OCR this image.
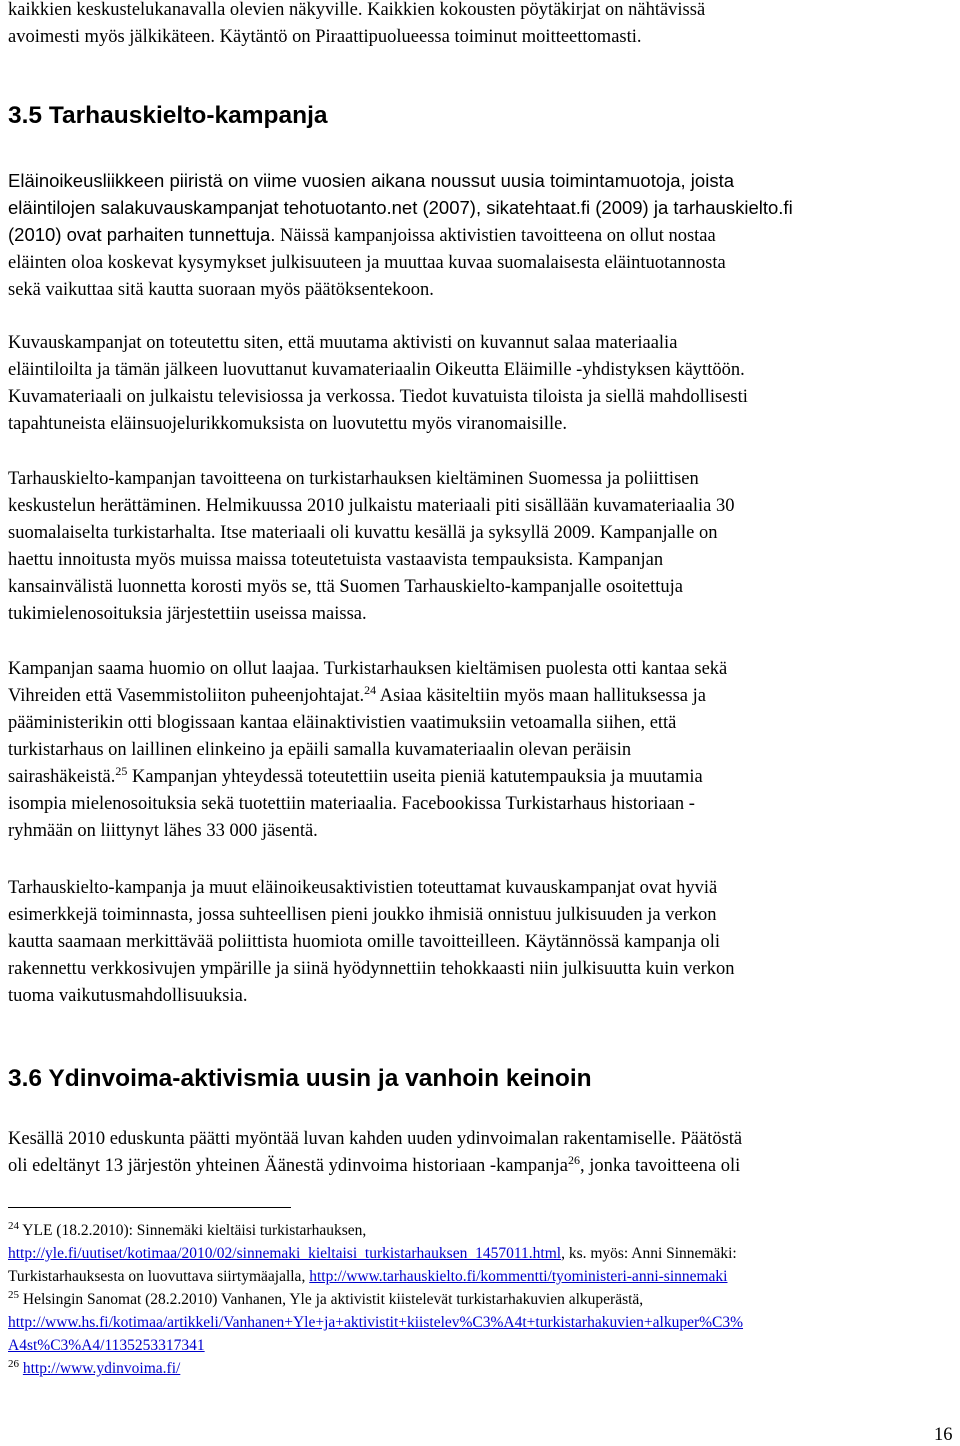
kaikkien keskustelukanavalla olevien näkyville. Kaikkien kokousten pöytäkirjat on nähtävissä
avoimesti myös jälkikäteen. Käytäntö on Piraattipuolueessa toiminut moitteettomasti.
3.5 Tarhauskielto-kampanja
Eläinoikeusliikkeen piiristä on viime vuosien aikana noussut uusia toimintamuotoja, joista
eläintilojen salakuvauskampanjat tehotuotanto.net (2007), sikatehtaat.fi (2009) ja tarhauskielto.fi
(2010) ovat parhaiten tunnettuja. Näissä kampanjoissa aktivistien tavoitteena on ollut nostaa
eläinten oloa koskevat kysymykset julkisuuteen ja muuttaa kuvaa suomalaisesta eläintuotannosta
sekä vaikuttaa sitä kautta suoraan myös päätöksentekoon.
Kuvauskampanjat on toteutettu siten, että muutama aktivisti on kuvannut salaa materiaalia
eläintiloilta ja tämän jälkeen luovuttanut kuvamateriaalin Oikeutta Eläimille -yhdistyksen käyttöön.
Kuvamateriaali on julkaistu televisiossa ja verkossa. Tiedot kuvatuista tiloista ja siellä mahdollisesti
tapahtuneista eläinsuojelurikkomuksista on luovutettu myös viranomaisille.
Tarhauskielto-kampanjan tavoitteena on turkistarhauksen kieltäminen Suomessa ja poliittisen
keskustelun herättäminen. Helmikuussa 2010 julkaistu materiaali piti sisällään kuvamateriaalia 30
suomalaiselta turkistarhalta. Itse materiaali oli kuvattu kesällä ja syksyllä 2009. Kampanjalle on
haettu innoitusta myös muissa maissa toteutetuista vastaavista tempauksista. Kampanjan
kansainvälistä luonnetta korosti myös se, ttä Suomen Tarhauskielto-kampanjalle osoitettuja
tukimielenosoituksia järjestettiin useissa maissa.
Kampanjan saama huomio on ollut laajaa. Turkistarhauksen kieltämisen puolesta otti kantaa sekä
Vihreiden että Vasemmistoliiton puheenjohtajat.$^{24}$ Asiaa käsiteltiin myös maan hallituksessa ja
pääministerikin otti blogissaan kantaa eläinaktivistien vaatimuksiin vetoamalla siihen, että
turkistarhaus on laillinen elinkeino ja epäili samalla kuvamateriaalin olevan peräisin
sairashäkeistä.$^{25}$ Kampanjan yhteydessä toteutettiin useita pieniä katutempauksia ja muutamia
isompia mielenosoituksia sekä tuotettiin materiaalia. Facebookissa Turkistarhaus historiaan -
ryhmään on liittynyt lähes 33 000 jäsentä.
Tarhauskielto-kampanja ja muut eläinoikeusaktivistien toteuttamat kuvauskampanjat ovat hyviä
esimerkkejä toiminnasta, jossa suhteellisen pieni joukko ihmisiä onnistuu julkisuuden ja verkon
kautta saamaan merkittävää poliittista huomiota omille tavoitteilleen. Käytännössä kampanja oli
rakennettu verkkosivujen ympärille ja siinä hyödynnettiin tehokkaasti niin julkisuutta kuin verkon
tuoma vaikutusmahdollisuuksia.
3.6 Ydinvoima-aktivismia uusin ja vanhoin keinoin
Kesällä 2010 eduskunta päätti myöntää luvan kahden uuden ydinvoimalan rakentamiselle. Päätöstä
oli edeltänyt 13 järjestön yhteinen Äänestä ydinvoima historiaan -kampanja$^{26}$, jonka tavoitteena oli
$^{24}$ YLE (18.2.2010): Sinnemäki kieltäisi turkistarhauksen,
http://yle.fi/uutiset/kotimaa/2010/02/sinnemaki_kieltaisi_turkistarhauksen_1457011.html, ks. myös: Anni Sinnemäki:
Turkistarhauksesta on luovuttava siirtymäajalla, http://www.tarhauskielto.fi/kommentti/tyoministeri-anni-sinnemaki
$^{25}$ Helsingin Sanomat (28.2.2010) Vanhanen, Yle ja aktivistit kiistelevät turkistarhakuvien alkuperästä,
http://www.hs.fi/kotimaa/artikkeli/Vanhanen+Yle+ja+aktivistit+kiistelev%C3%A4t+turkistarhakuvien+alkuper%C3%
A4st%C3%A4/1135253317341
$^{26}$ http://www.ydinvoima.fi/
16
